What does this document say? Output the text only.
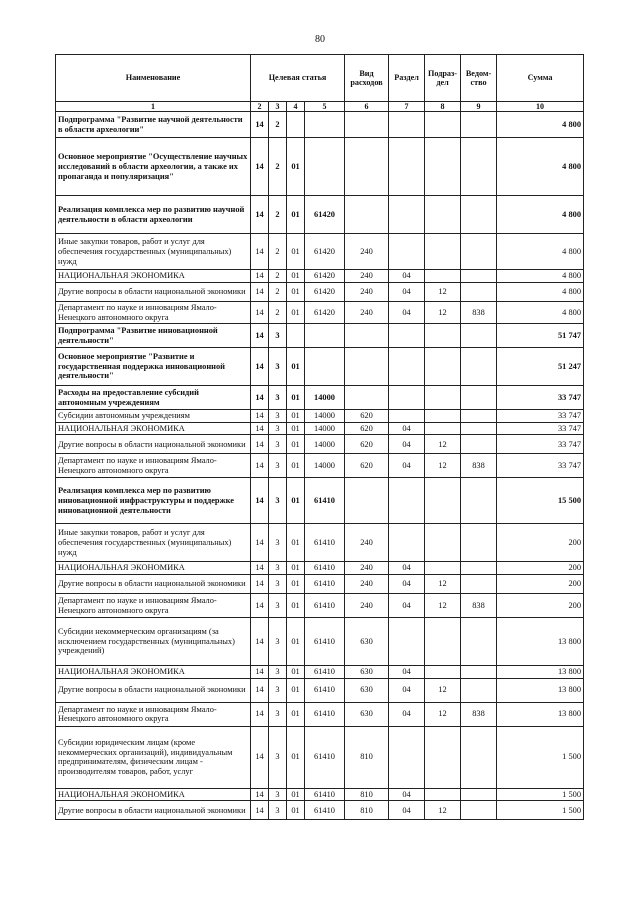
80
Наименование	Целевая статья				Вид расходов	Раздел	Подраз-дел	Ведом-ство	Сумма
1	2	3	4	5	6	7	8	9	10
Подпрограмма "Развитие научной деятельности в области археологии"	14	2							4 800
Основное мероприятие "Осуществление научных исследований в области археологии, а также их пропаганда и популяризация"	14	2	01						4 800
Реализация комплекса мер по развитию научной деятельности в области археологии	14	2	01	61420					4 800
Иные закупки товаров, работ и услуг для обеспечения государственных (муниципальных) нужд	14	2	01	61420	240				4 800
НАЦИОНАЛЬНАЯ ЭКОНОМИКА	14	2	01	61420	240	04			4 800
Другие вопросы в области национальной экономики	14	2	01	61420	240	04	12		4 800
Департамент по науке и инновациям Ямало-Ненецкого автономного округа	14	2	01	61420	240	04	12	838	4 800
Подпрограмма "Развитие инновационной деятельности"	14	3							51 747
Основное мероприятие "Развитие и государственная поддержка инновационной деятельности"	14	3	01						51 247
Расходы на предоставление субсидий автономным учреждениям	14	3	01	14000					33 747
Субсидии автономным учреждениям	14	3	01	14000	620				33 747
НАЦИОНАЛЬНАЯ ЭКОНОМИКА	14	3	01	14000	620	04			33 747
Другие вопросы в области национальной экономики	14	3	01	14000	620	04	12		33 747
Департамент по науке и инновациям Ямало-Ненецкого автономного округа	14	3	01	14000	620	04	12	838	33 747
Реализация комплекса мер по развитию инновационной инфраструктуры и поддержке инновационной деятельности	14	3	01	61410					15 500
Иные закупки товаров, работ и услуг для обеспечения государственных (муниципальных) нужд	14	3	01	61410	240				200
НАЦИОНАЛЬНАЯ ЭКОНОМИКА	14	3	01	61410	240	04			200
Другие вопросы в области национальной экономики	14	3	01	61410	240	04	12		200
Департамент по науке и инновациям Ямало-Ненецкого автономного округа	14	3	01	61410	240	04	12	838	200
Субсидии некоммерческим организациям (за исключением государственных (муниципальных) учреждений)	14	3	01	61410	630				13 800
НАЦИОНАЛЬНАЯ ЭКОНОМИКА	14	3	01	61410	630	04			13 800
Другие вопросы в области национальной экономики	14	3	01	61410	630	04	12		13 800
Департамент по науке и инновациям Ямало-Ненецкого автономного округа	14	3	01	61410	630	04	12	838	13 800
Субсидии юридическим лицам (кроме некоммерческих организаций), индивидуальным предпринимателям, физическим лицам - производителям товаров, работ, услуг	14	3	01	61410	810				1 500
НАЦИОНАЛЬНАЯ ЭКОНОМИКА	14	3	01	61410	810	04			1 500
Другие вопросы в области национальной экономики	14	3	01	61410	810	04	12		1 500
